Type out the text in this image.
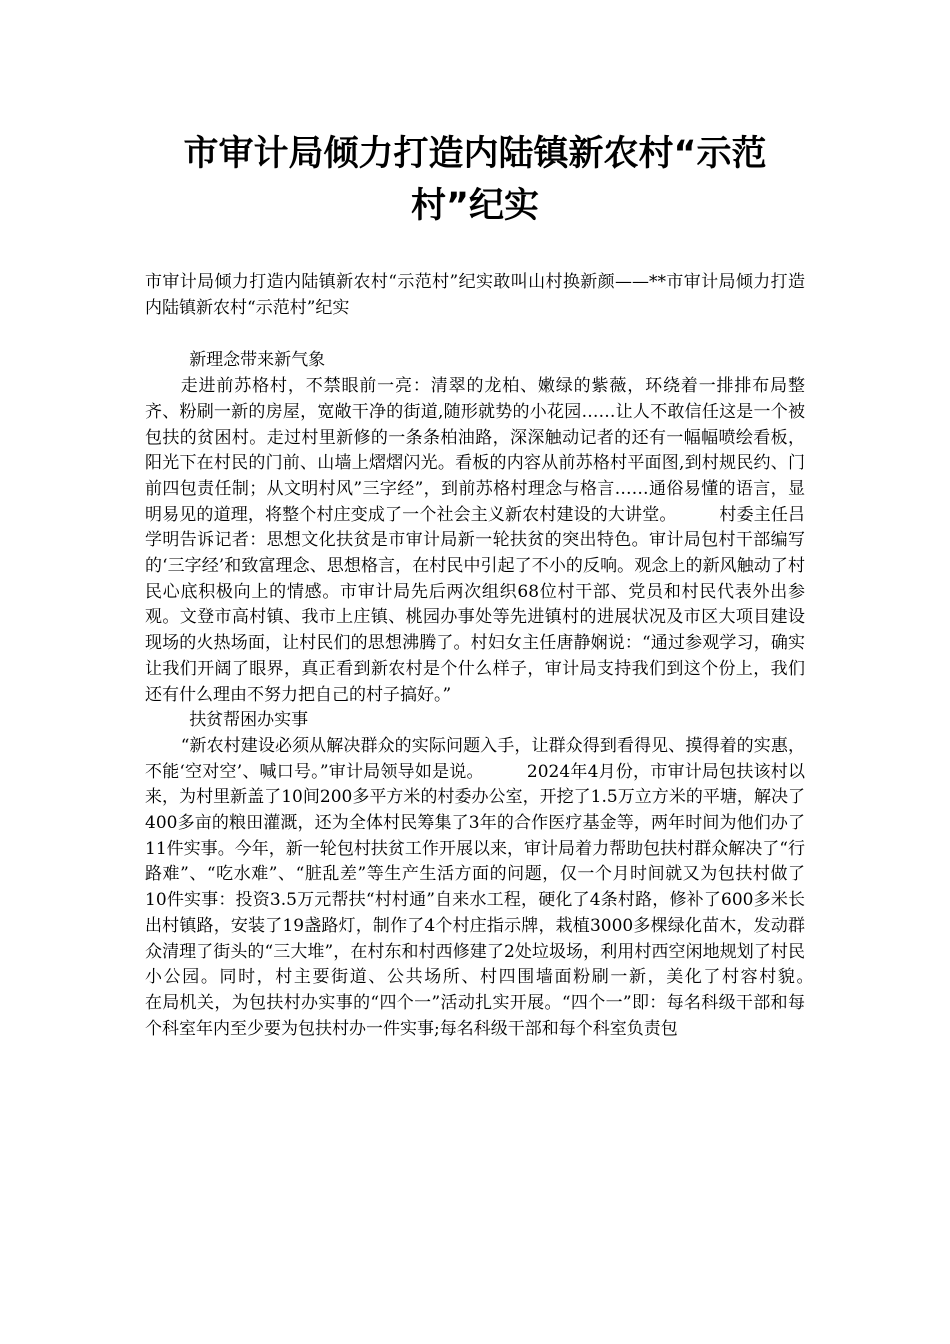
市审计局倾力打造内陆镇新农村“示范村”纪实

市审计局倾力打造内陆镇新农村“示范村”纪实敢叫山村换新颜——**市审计局倾力打造内陆镇新农村“示范村”纪实

新理念带来新气象

走进前苏格村，不禁眼前一亮：清翠的龙柏、嫩绿的紫薇，环绕着一排排布局整齐、粉刷一新的房屋，宽敞干净的街道,随形就势的小花园……让人不敢信任这是一个被包扶的贫困村。走过村里新修的一条条柏油路，深深触动记者的还有一幅幅喷绘看板，阳光下在村民的门前、山墙上熠熠闪光。看板的内容从前苏格村平面图,到村规民约、门前四包责任制；从文明村风”三字经”，到前苏格村理念与格言……通俗易懂的语言，显明易见的道理，将整个村庄变成了一个社会主义新农村建设的大讲堂。　　　村委主任吕学明告诉记者：思想文化扶贫是市审计局新一轮扶贫的突出特色。审计局包村干部编写的‘三字经’和致富理念、思想格言，在村民中引起了不小的反响。观念上的新风触动了村民心底积极向上的情感。市审计局先后两次组织68位村干部、党员和村民代表外出参观。文登市高村镇、我市上庄镇、桃园办事处等先进镇村的进展状况及市区大项目建设现场的火热场面，让村民们的思想沸腾了。村妇女主任唐静娴说：“通过参观学习，确实让我们开阔了眼界，真正看到新农村是个什么样子，审计局支持我们到这个份上，我们还有什么理由不努力把自己的村子搞好。”

扶贫帮困办实事

“新农村建设必须从解决群众的实际问题入手，让群众得到看得见、摸得着的实惠，不能‘空对空’、喊口号。”审计局领导如是说。　　　2024年4月份，市审计局包扶该村以来，为村里新盖了10间200多平方米的村委办公室，开挖了1.5万立方米的平塘，解决了400多亩的粮田灌溉，还为全体村民筹集了3年的合作医疗基金等，两年时间为他们办了11件实事。今年，新一轮包村扶贫工作开展以来，审计局着力帮助包扶村群众解决了“行路难”、“吃水难”、“脏乱差”等生产生活方面的问题，仅一个月时间就又为包扶村做了10件实事：投资3.5万元帮扶“村村通”自来水工程，硬化了4条村路，修补了600多米长出村镇路，安装了19盏路灯，制作了4个村庄指示牌，栽植3000多棵绿化苗木，发动群众清理了街头的“三大堆”，在村东和村西修建了2处垃圾场，利用村西空闲地规划了村民小公园。同时，村主要街道、公共场所、村四围墙面粉刷一新，美化了村容村貌。　　　在局机关，为包扶村办实事的“四个一”活动扎实开展。“四个一”即：每名科级干部和每个科室年内至少要为包扶村办一件实事;每名科级干部和每个科室负责包
